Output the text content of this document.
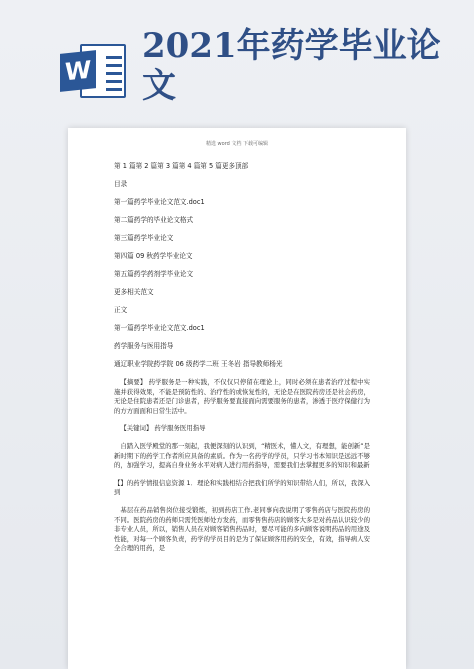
W
2021年药学毕业论文
精选 word 文档 下载可编辑
第 1 篇第 2 篇第 3 篇第 4 篇第 5 篇更多顶部
目录
第一篇药学毕业论文范文.doc1
第二篇药学的毕业论文格式
第三篇药学毕业论文
第四篇 09 秋药学毕业论文
第五篇药学药剂学毕业论文
更多相关范文
正文
第一篇药学毕业论文范文.doc1
药学服务与医用指导
通辽职业学院药学院 06 级药学二班 王冬岩 指导教师杨光
【摘要】 药学服务是一种实践，不仅仅只停留在理论上，同时必须在患者治疗过程中实施并获得效果，不能是预防性的、治疗性的或恢复性的，无论是在医院药房还是社会药房，无论是住院患者还是门诊患者，药学服务要直接面向需要服务的患者，渗透于医疗保健行为的方方面面和日常生活中。
【关键词】 药学服务医用指导
自踏入医学殿堂的那一刻起，我便深刻的认识到，“精医术，懂人文，有理想，能创新”是新时期下的药学工作者所应具备的素质。作为一名药学的学员，只学习书本知识是远远不够的，加强学习，提高自身业务水平对病人进行用药指导，需要我们去掌握更多的知识和最新
【】的药学情报信息资源 1．理论和实践相结合把我们所学的知识带给人们，所以，我深入到
基层在药品销售岗位接受锻炼，初到药店工作,老同事向我说明了零售药店与医院药房的不同。医院药房的药师只需凭医师处方发药，而零售售药店的顾客大多是对药品认识较少的非专业人员，所以，销售人员在对顾客销售药品时，要尽可能的多向顾客说明药品的用途及性能，对每一个顾客负责，药学的学员目的是为了保证顾客用药的安全，有效，指导病人安全合理的用药，是
